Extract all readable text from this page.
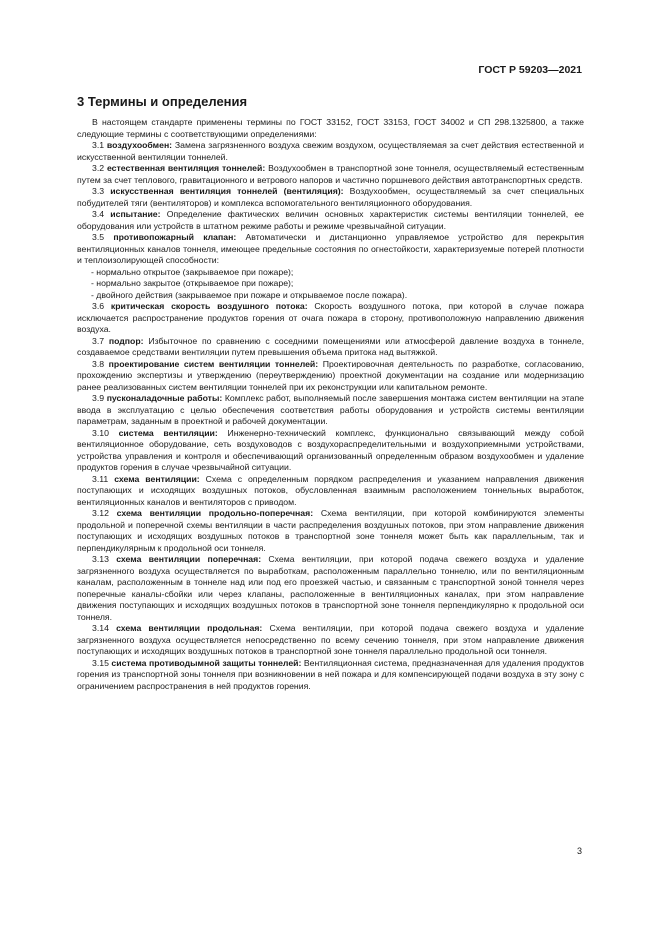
ГОСТ Р 59203—2021
3 Термины и определения

В настоящем стандарте применены термины по ГОСТ 33152, ГОСТ 33153, ГОСТ 34002 и СП 298.1325800, а также следующие термины с соответствующими определениями:

3.1 воздухообмен: Замена загрязненного воздуха свежим воздухом, осуществляемая за счет действия естественной и искусственной вентиляции тоннелей.

3.2 естественная вентиляция тоннелей: Воздухообмен в транспортной зоне тоннеля, осуществляемый естественным путем за счет теплового, гравитационного и ветрового напоров и частично поршневого действия автотранспортных средств.

3.3 искусственная вентиляция тоннелей (вентиляция): Воздухообмен, осуществляемый за счет специальных побудителей тяги (вентиляторов) и комплекса вспомогательного вентиляционного оборудования.

3.4 испытание: Определение фактических величин основных характеристик системы вентиляции тоннелей, ее оборудования или устройств в штатном режиме работы и режиме чрезвычайной ситуации.

3.5 противопожарный клапан: Автоматически и дистанционно управляемое устройство для перекрытия вентиляционных каналов тоннеля, имеющее предельные состояния по огнестойкости, характеризуемые потерей плотности и теплоизолирующей способности:

- нормально открытое (закрываемое при пожаре);

- нормально закрытое (открываемое при пожаре);

- двойного действия (закрываемое при пожаре и открываемое после пожара).

3.6 критическая скорость воздушного потока: Скорость воздушного потока, при которой в случае пожара исключается распространение продуктов горения от очага пожара в сторону, противоположную направлению движения воздуха.

3.7 подпор: Избыточное по сравнению с соседними помещениями или атмосферой давление воздуха в тоннеле, создаваемое средствами вентиляции путем превышения объема притока над вытяжкой.

3.8 проектирование систем вентиляции тоннелей: Проектировочная деятельность по разработке, согласованию, прохождению экспертизы и утверждению (переутверждению) проектной документации на создание или модернизацию ранее реализованных систем вентиляции тоннелей при их реконструкции или капитальном ремонте.

3.9 пусконаладочные работы: Комплекс работ, выполняемый после завершения монтажа систем вентиляции на этапе ввода в эксплуатацию с целью обеспечения соответствия работы оборудования и устройств системы вентиляции параметрам, заданным в проектной и рабочей документации.

3.10 система вентиляции: Инженерно-технический комплекс, функционально связывающий между собой вентиляционное оборудование, сеть воздуховодов с воздухораспределительными и воздухоприемными устройствами, устройства управления и контроля и обеспечивающий организованный определенным образом воздухообмен и удаление продуктов горения в случае чрезвычайной ситуации.

3.11 схема вентиляции: Схема с определенным порядком распределения и указанием направления движения поступающих и исходящих воздушных потоков, обусловленная взаимным расположением тоннельных выработок, вентиляционных каналов и вентиляторов с приводом.

3.12 схема вентиляции продольно-поперечная: Схема вентиляции, при которой комбинируются элементы продольной и поперечной схемы вентиляции в части распределения воздушных потоков, при этом направление движения поступающих и исходящих воздушных потоков в транспортной зоне тоннеля может быть как параллельным, так и перпендикулярным к продольной оси тоннеля.

3.13 схема вентиляции поперечная: Схема вентиляции, при которой подача свежего воздуха и удаление загрязненного воздуха осуществляется по выработкам, расположенным параллельно тоннелю, или по вентиляционным каналам, расположенным в тоннеле над или под его проезжей частью, и связанным с транспортной зоной тоннеля через поперечные каналы-сбойки или через клапаны, расположенные в вентиляционных каналах, при этом направление движения поступающих и исходящих воздушных потоков в транспортной зоне тоннеля перпендикулярно к продольной оси тоннеля.

3.14 схема вентиляции продольная: Схема вентиляции, при которой подача свежего воздуха и удаление загрязненного воздуха осуществляется непосредственно по всему сечению тоннеля, при этом направление движения поступающих и исходящих воздушных потоков в транспортной зоне тоннеля параллельно продольной оси тоннеля.

3.15 система противодымной защиты тоннелей: Вентиляционная система, предназначенная для удаления продуктов горения из транспортной зоны тоннеля при возникновении в ней пожара и для компенсирующей подачи воздуха в эту зону с ограничением распространения в ней продуктов горения.

3
